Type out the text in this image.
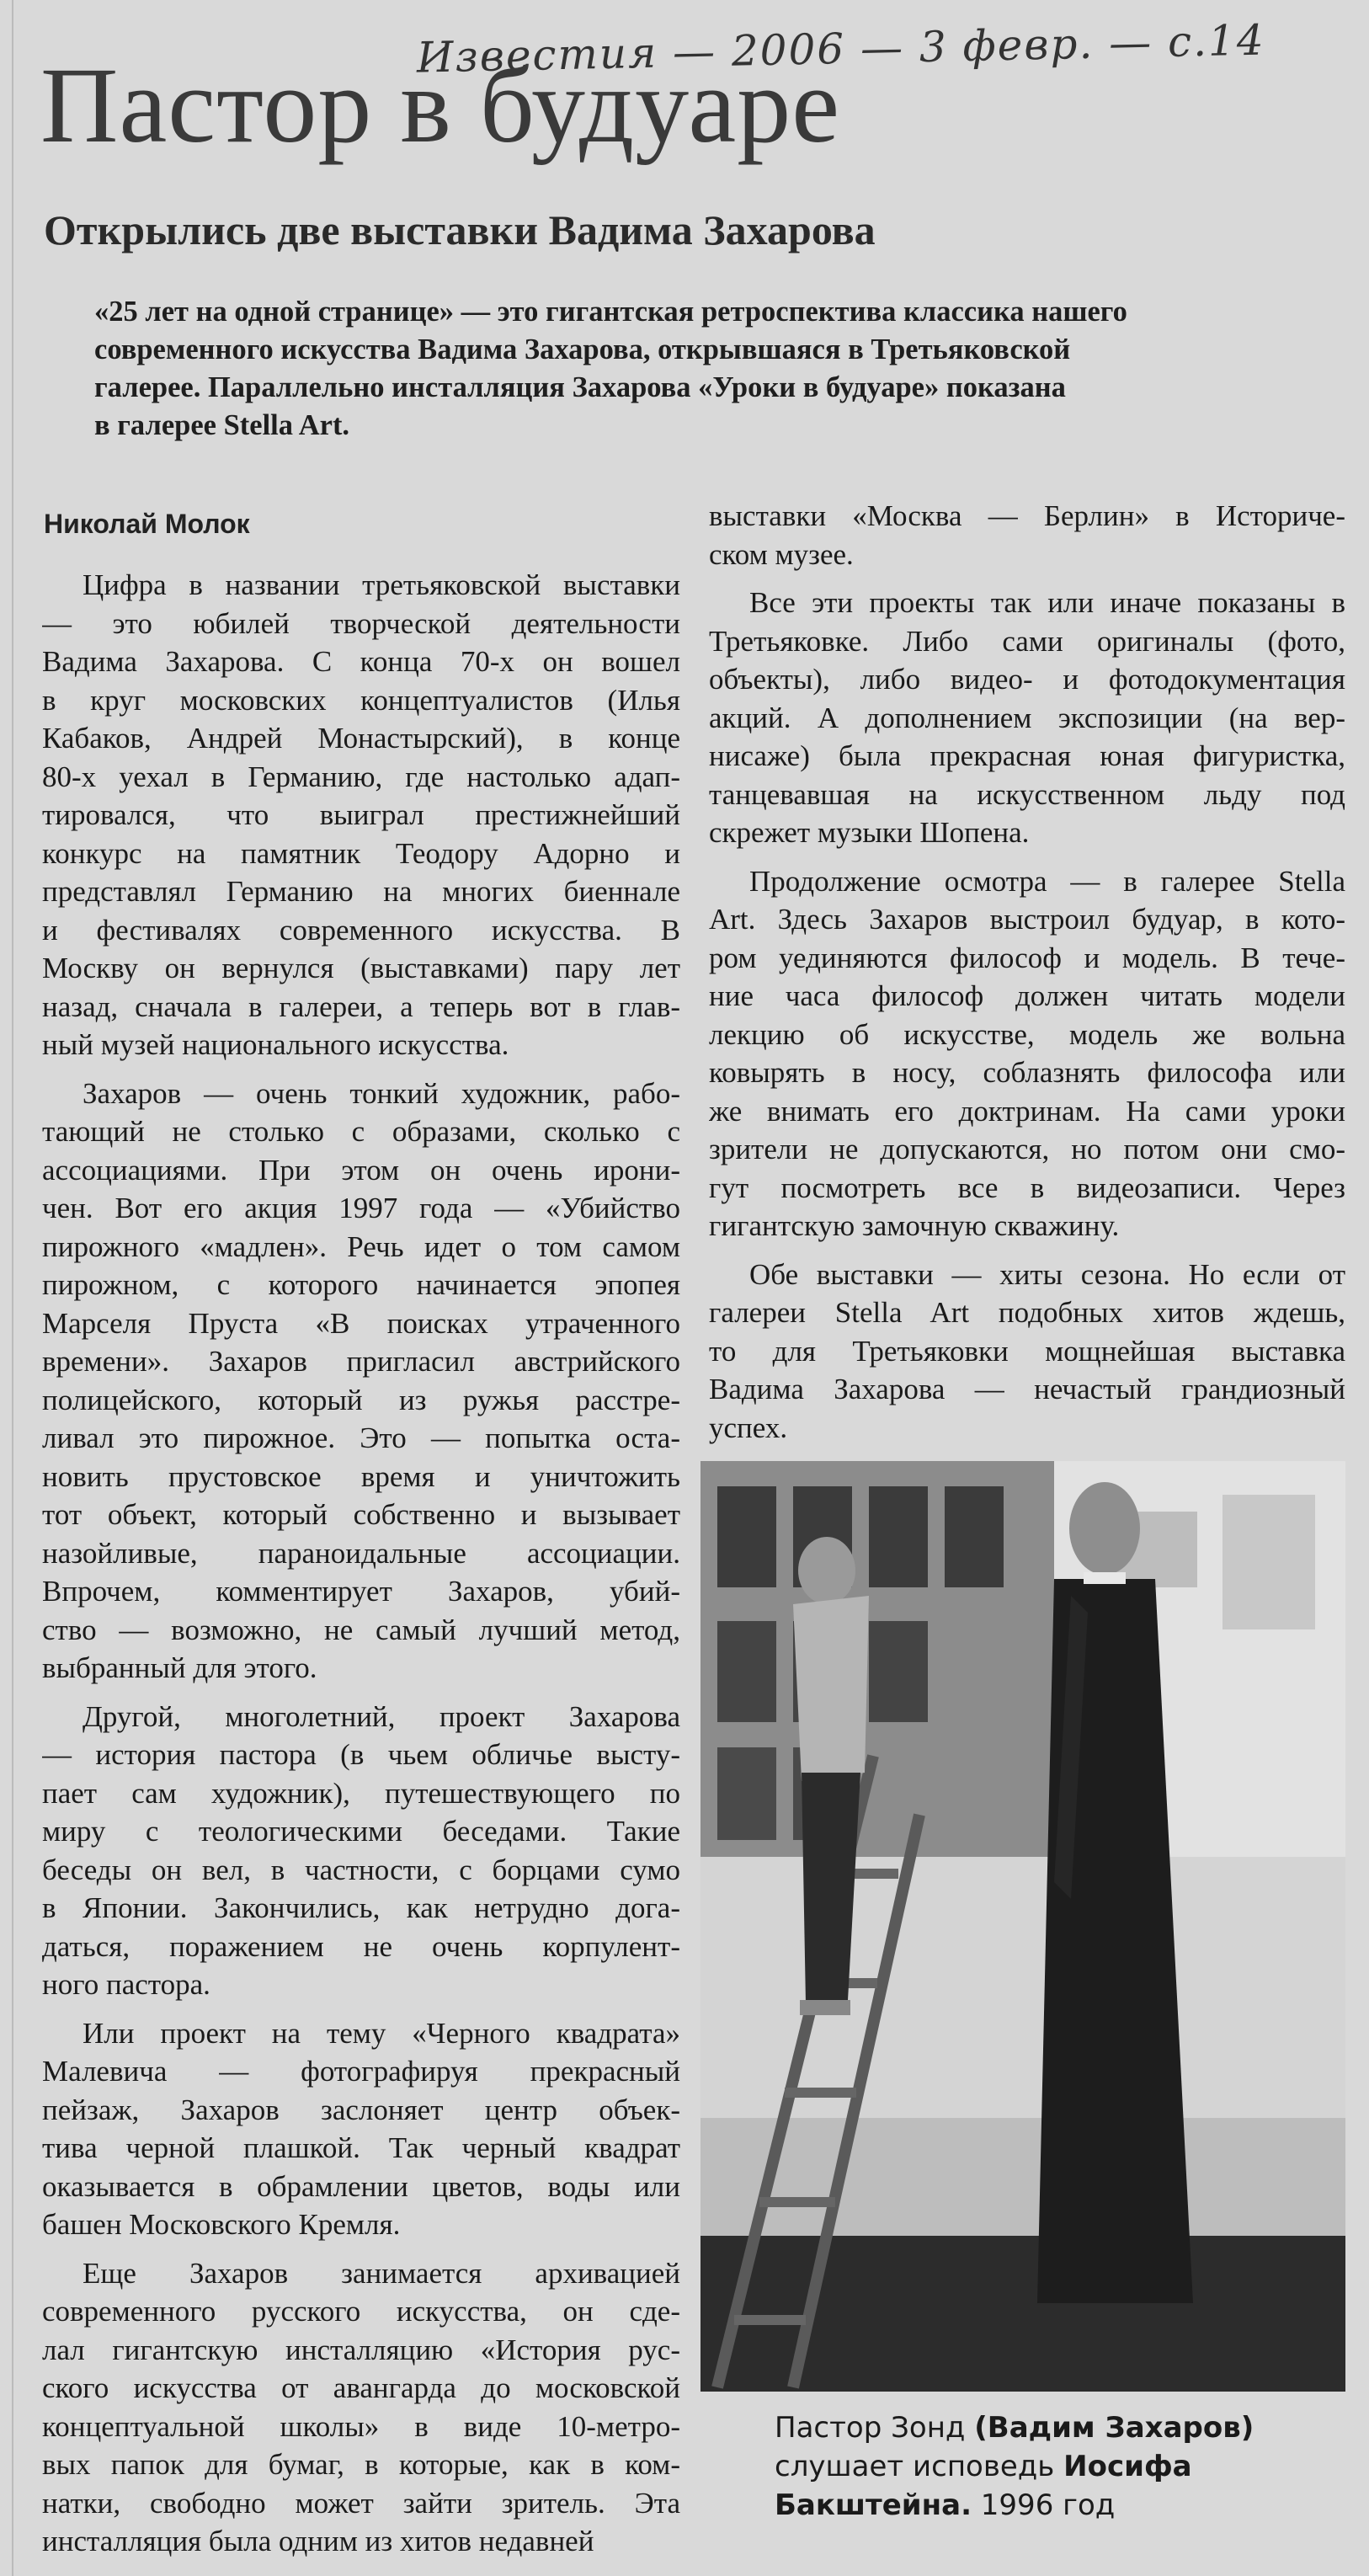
Известия — 2006 — 3 февр. — с.14
Пастор в будуаре
Открылись две выставки Вадима Захарова

«25 лет на одной странице» — это гигантская ретроспектива классика нашего

современного искусства Вадима Захарова, открывшаяся в Третьяковской

галерее. Параллельно инсталляция Захарова «Уроки в будуаре» показана

в галерее Stella Art.

Николай Молок
Цифра в названии третьяковской выставки
— это юбилей творческой деятельности
Вадима Захарова. С конца 70-х он вошел
в круг московских концептуалистов (Илья
Кабаков, Андрей Монастырский), в конце
80-х уехал в Германию, где настолько адап-
тировался, что выиграл престижнейший
конкурс на памятник Теодору Адорно и
представлял Германию на многих биеннале
и фестивалях современного искусства. В
Москву он вернулся (выставками) пару лет
назад, сначала в галереи, а теперь вот в глав-
ный музей национального искусства.
Захаров — очень тонкий художник, рабо-
тающий не столько с образами, сколько с
ассоциациями. При этом он очень ирони-
чен. Вот его акция 1997 года — «Убийство
пирожного «мадлен». Речь идет о том самом
пирожном, с которого начинается эпопея
Марселя Пруста «В поисках утраченного
времени». Захаров пригласил австрийского
полицейского, который из ружья расстре-
ливал это пирожное. Это — попытка оста-
новить прустовское время и уничтожить
тот объект, который собственно и вызывает
назойливые, параноидальные ассоциации.
Впрочем, комментирует Захаров, убий-
ство — возможно, не самый лучший метод,
выбранный для этого.
Другой, многолетний, проект Захарова
— история пастора (в чьем обличье высту-
пает сам художник), путешествующего по
миру с теологическими беседами. Такие
беседы он вел, в частности, с борцами сумо
в Японии. Закончились, как нетрудно дога-
даться, поражением не очень корпулент-
ного пастора.
Или проект на тему «Черного квадрата»
Малевича — фотографируя прекрасный
пейзаж, Захаров заслоняет центр объек-
тива черной плашкой. Так черный квадрат
оказывается в обрамлении цветов, воды или
башен Московского Кремля.
Еще Захаров занимается архивацией
современного русского искусства, он сде-
лал гигантскую инсталляцию «История рус-
ского искусства от авангарда до московской
концептуальной школы» в виде 10-метро-
вых папок для бумаг, в которые, как в ком-
натки, свободно может зайти зритель. Эта
инсталляция была одним из хитов недавней
выставки «Москва — Берлин» в Историче-
ском музее.
Все эти проекты так или иначе показаны в
Третьяковке. Либо сами оригиналы (фото,
объекты), либо видео- и фотодокументация
акций. А дополнением экспозиции (на вер-
нисаже) была прекрасная юная фигуристка,
танцевавшая на искусственном льду под
скрежет музыки Шопена.
Продолжение осмотра — в галерее Stella
Art. Здесь Захаров выстроил будуар, в кото-
ром уединяются философ и модель. В тече-
ние часа философ должен читать модели
лекцию об искусстве, модель же вольна
ковырять в носу, соблазнять философа или
же внимать его доктринам. На сами уроки
зрители не допускаются, но потом они смо-
гут посмотреть все в видеозаписи. Через
гигантскую замочную скважину.
Обе выставки — хиты сезона. Но если от
галереи Stella Art подобных хитов ждешь,
то для Третьяковки мощнейшая выставка
Вадима Захарова — нечастый грандиозный
успех.
Пастор Зонд (Вадим Захаров)
слушает исповедь Иосифа
Бакштейна. 1996 год
